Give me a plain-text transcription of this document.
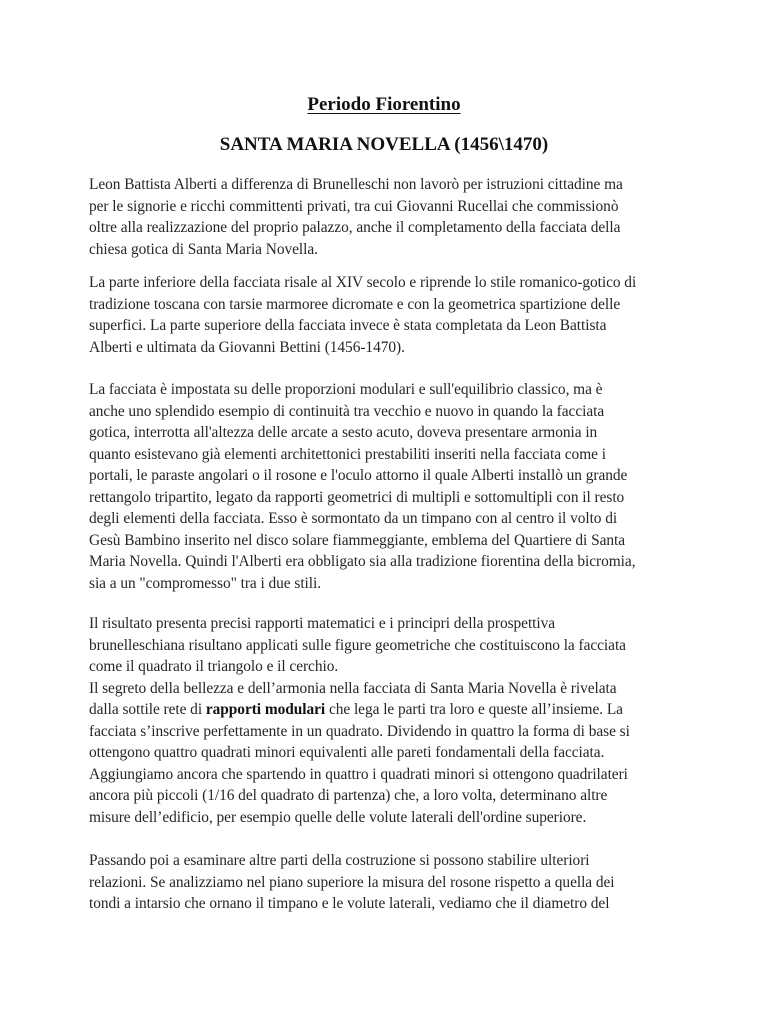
Periodo Fiorentino
SANTA MARIA NOVELLA (1456\1470)

Leon Battista Alberti a differenza di Brunelleschi non lavorò per istruzioni cittadine ma
per le signorie e ricchi committenti privati, tra cui Giovanni Rucellai che commissionò
oltre alla realizzazione del proprio palazzo, anche il completamento della facciata della
chiesa gotica di Santa Maria Novella.

La parte inferiore della facciata risale al XIV secolo e riprende lo stile romanico-gotico di
tradizione toscana con tarsie marmoree dicromate e con la geometrica spartizione delle
superfici. La parte superiore della facciata invece è stata completata da Leon Battista
Alberti e ultimata da Giovanni Bettini (1456-1470).

La facciata è impostata su delle proporzioni modulari e sull'equilibrio classico, ma è
anche uno splendido esempio di continuità tra vecchio e nuovo in quando la facciata
gotica, interrotta all'altezza delle arcate a sesto acuto, doveva presentare armonia in
quanto esistevano già elementi architettonici prestabiliti inseriti nella facciata come i
portali, le paraste angolari o il rosone e l'oculo attorno il quale Alberti installò un grande
rettangolo tripartito, legato da rapporti geometrici di multipli e sottomultipli con il resto
degli elementi della facciata. Esso è sormontato da un timpano con al centro il volto di
Gesù Bambino inserito nel disco solare fiammeggiante, emblema del Quartiere di Santa
Maria Novella. Quindi l'Alberti era obbligato sia alla tradizione fiorentina della bicromia,
sia a un "compromesso" tra i due stili.

Il risultato presenta precisi rapporti matematici e i principri della prospettiva
brunelleschiana risultano applicati sulle figure geometriche che costituiscono la facciata
come il quadrato il triangolo e il cerchio.
Il segreto della bellezza e dell’armonia nella facciata di Santa Maria Novella è rivelata
dalla sottile rete di rapporti modulari che lega le parti tra loro e queste all’insieme. La
facciata s’inscrive perfettamente in un quadrato. Dividendo in quattro la forma di base si
ottengono quattro quadrati minori equivalenti alle pareti fondamentali della facciata.
Aggiungiamo ancora che spartendo in quattro i quadrati minori si ottengono quadrilateri
ancora più piccoli (1/16 del quadrato di partenza) che, a loro volta, determinano altre
misure dell’edificio, per esempio quelle delle volute laterali dell'ordine superiore.

Passando poi a esaminare altre parti della costruzione si possono stabilire ulteriori
relazioni. Se analizziamo nel piano superiore la misura del rosone rispetto a quella dei
tondi a intarsio che ornano il timpano e le volute laterali, vediamo che il diametro del
